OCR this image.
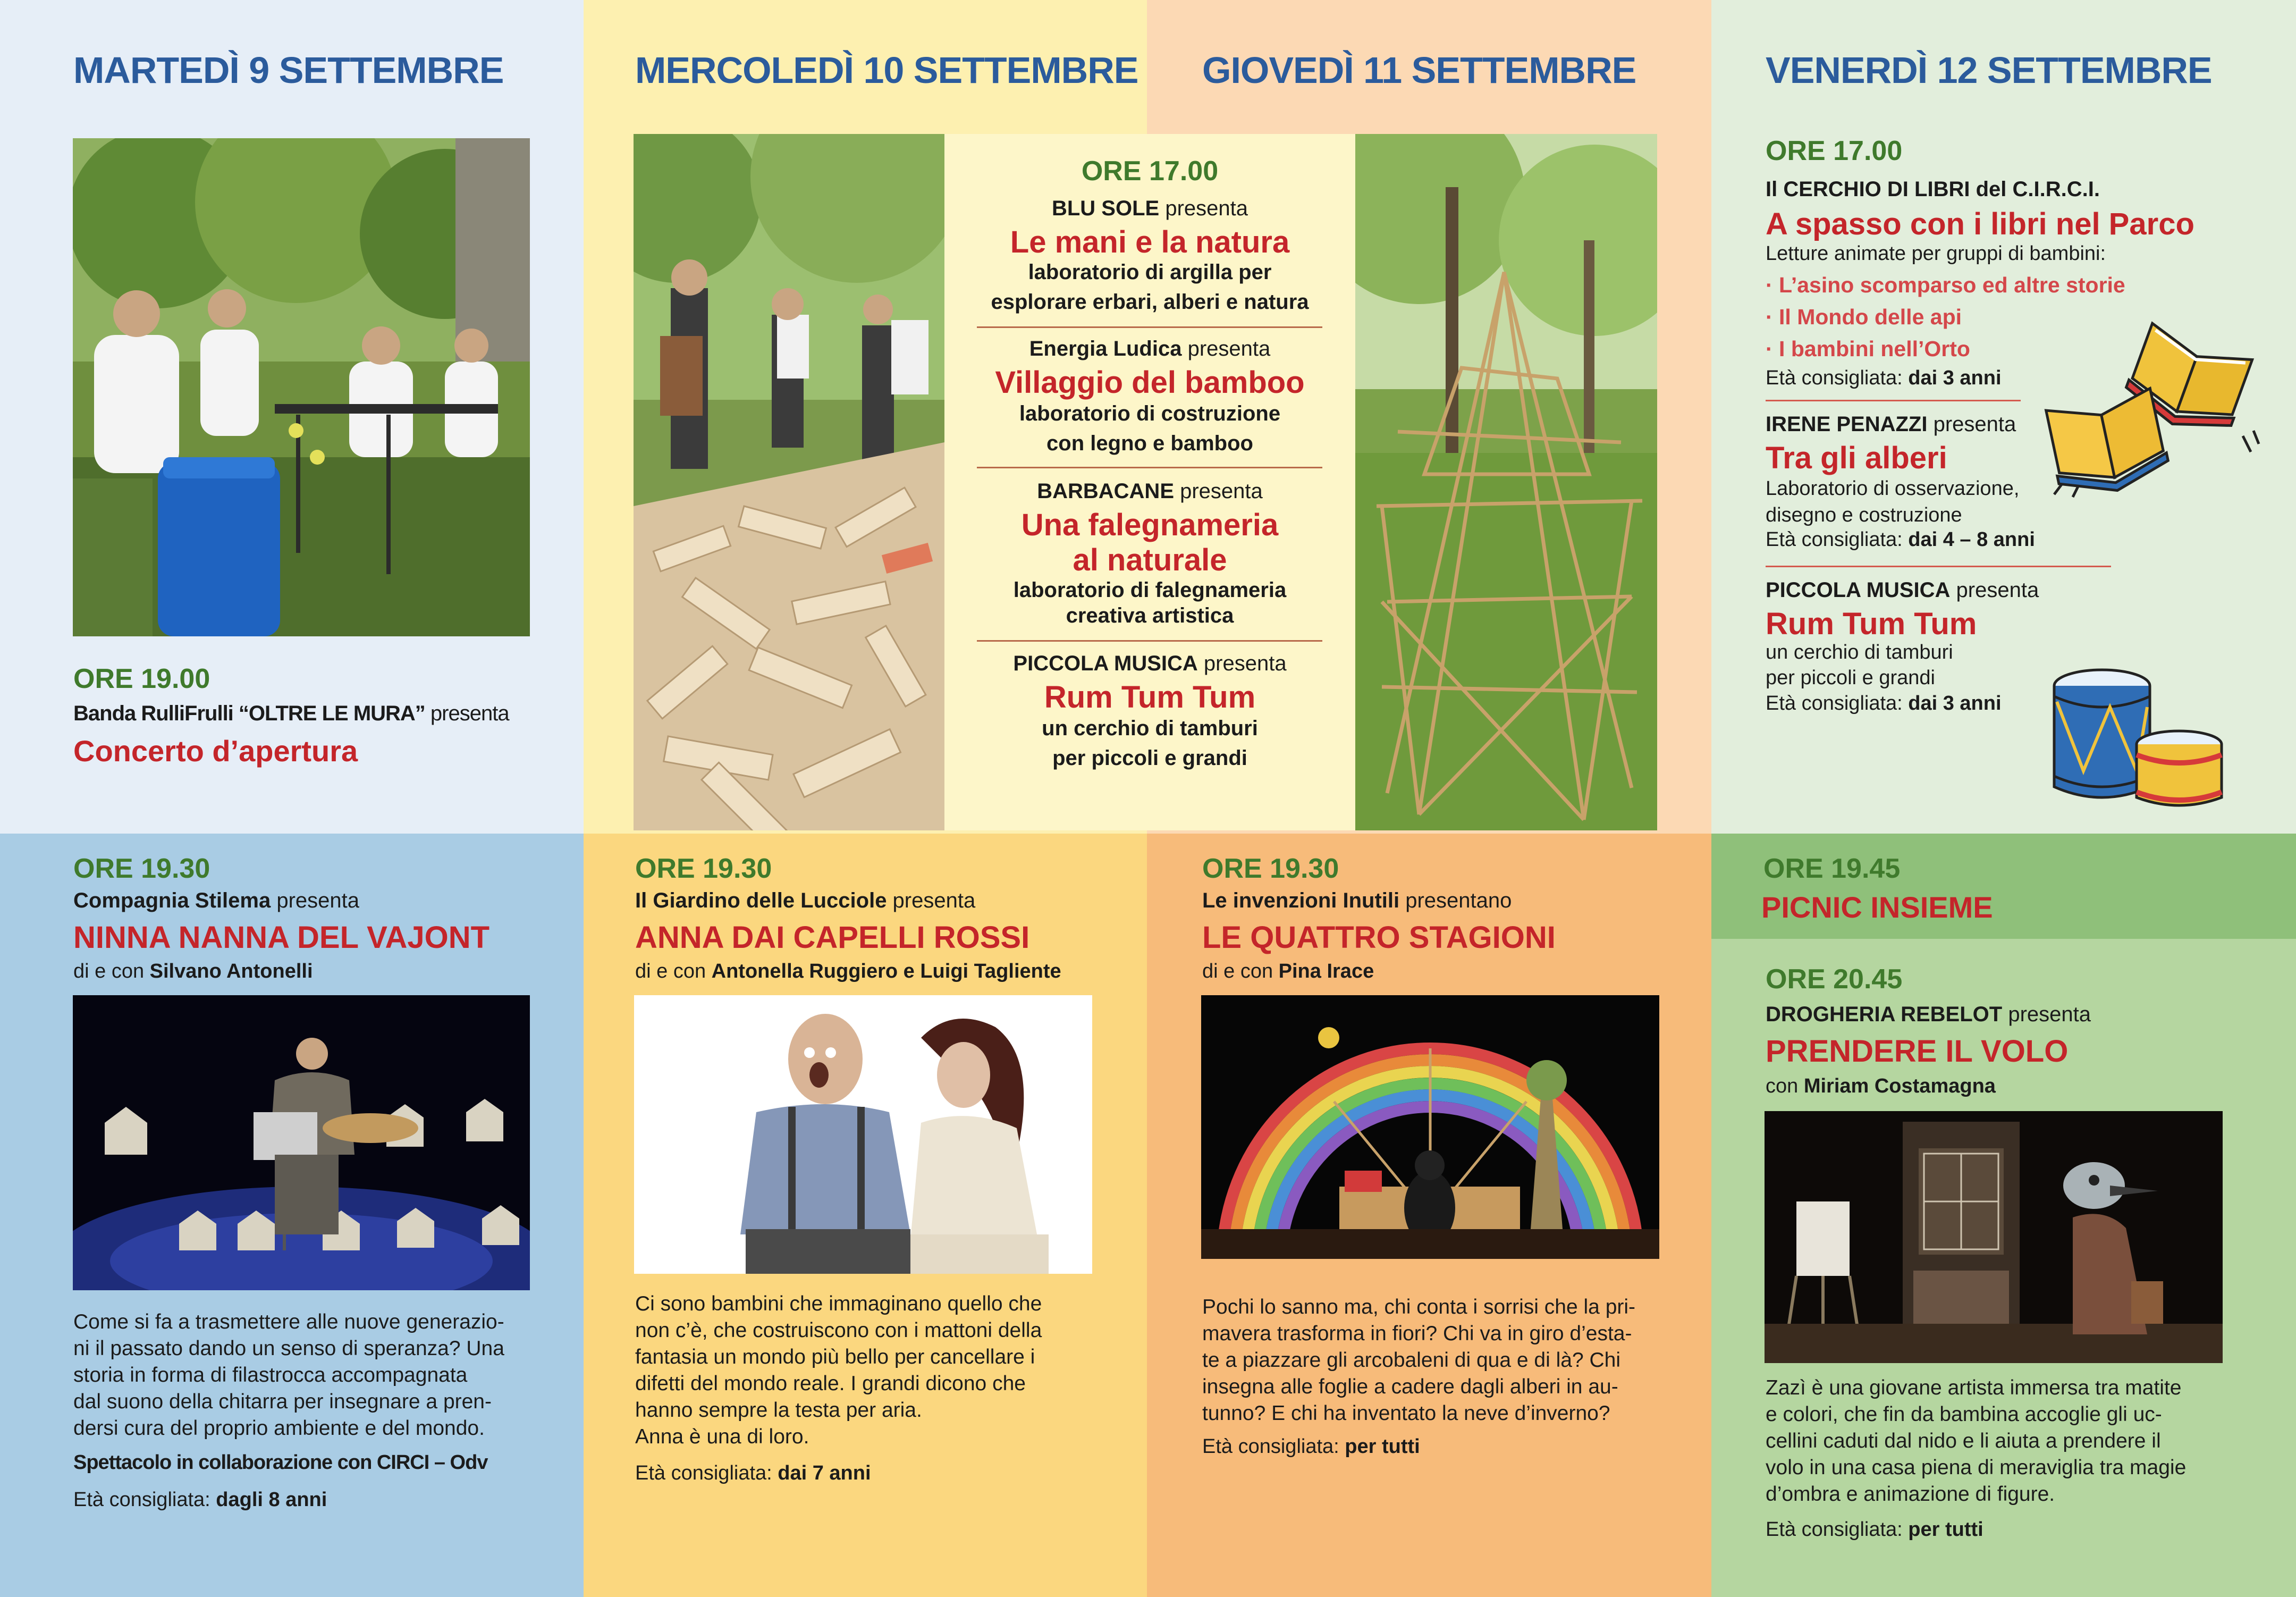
MARTEDÌ 9 SETTEMBRE	MERCOLEDÌ 10 SETTEMBRE GIOVEDÌ 11 SETTEMBRE	VENERDÌ 12 SETTEMBRE
ORE 19.00
Banda RulliFrulli “OLTRE LE MURA” presenta
Concerto d’apertura
ORE 17.00
BLU SOLE presenta
Le mani e la natura
laboratorio di argilla per
esplorare erbari, alberi e natura
Energia Ludica presenta
Villaggio del bamboo
laboratorio di costruzione
con legno e bamboo
BARBACANE presenta
Una falegnameria
al naturale
laboratorio di falegnameria
creativa artistica
PICCOLA MUSICA presenta
Rum Tum Tum
un cerchio di tamburi
per piccoli e grandi
ORE 17.00
Il CERCHIO DI LIBRI del C.I.R.C.I.
A spasso con i libri nel Parco
Letture animate per gruppi di bambini:
· L’asino scomparso ed altre storie
· Il Mondo delle api
· I bambini nell’Orto
Età consigliata: dai 3 anni
IRENE PENAZZI presenta
Tra gli alberi
Laboratorio di osservazione,
disegno e costruzione
Età consigliata: dai 4 – 8 anni
PICCOLA MUSICA presenta
Rum Tum Tum
un cerchio di tamburi
per piccoli e grandi
Età consigliata: dai 3 anni
ORE 19.30
Compagnia Stilema presenta
NINNA NANNA DEL VAJONT
di e con Silvano Antonelli
Come si fa a trasmettere alle nuove generazio-
ni il passato dando un senso di speranza? Una
storia in forma di filastrocca accompagnata
dal suono della chitarra per insegnare a pren-
dersi cura del proprio ambiente e del mondo.
Spettacolo in collaborazione con CIRCI – Odv
Età consigliata: dagli 8 anni
ORE 19.30
Il Giardino delle Lucciole presenta
ANNA DAI CAPELLI ROSSI
di e con Antonella Ruggiero e Luigi Tagliente
Ci sono bambini che immaginano quello che
non c’è, che costruiscono con i mattoni della
fantasia un mondo più bello per cancellare i
difetti del mondo reale. I grandi dicono che
hanno sempre la testa per aria.
Anna è una di loro.
Età consigliata: dai 7 anni
ORE 19.30
Le invenzioni Inutili presentano
LE QUATTRO STAGIONI
di e con Pina Irace
Pochi lo sanno ma, chi conta i sorrisi che la pri-
mavera trasforma in fiori? Chi va in giro d’esta-
te a piazzare gli arcobaleni di qua e di là? Chi
insegna alle foglie a cadere dagli alberi in au-
tunno? E chi ha inventato la neve d’inverno?
Età consigliata: per tutti
ORE 19.45
PICNIC INSIEME
ORE 20.45
DROGHERIA REBELOT presenta
PRENDERE IL VOLO
con Miriam Costamagna
Zazì è una giovane artista immersa tra matite
e colori, che fin da bambina accoglie gli uc-
cellini caduti dal nido e li aiuta a prendere il
volo in una casa piena di meraviglia tra magie
d’ombra e animazione di figure.
Età consigliata: per tutti
